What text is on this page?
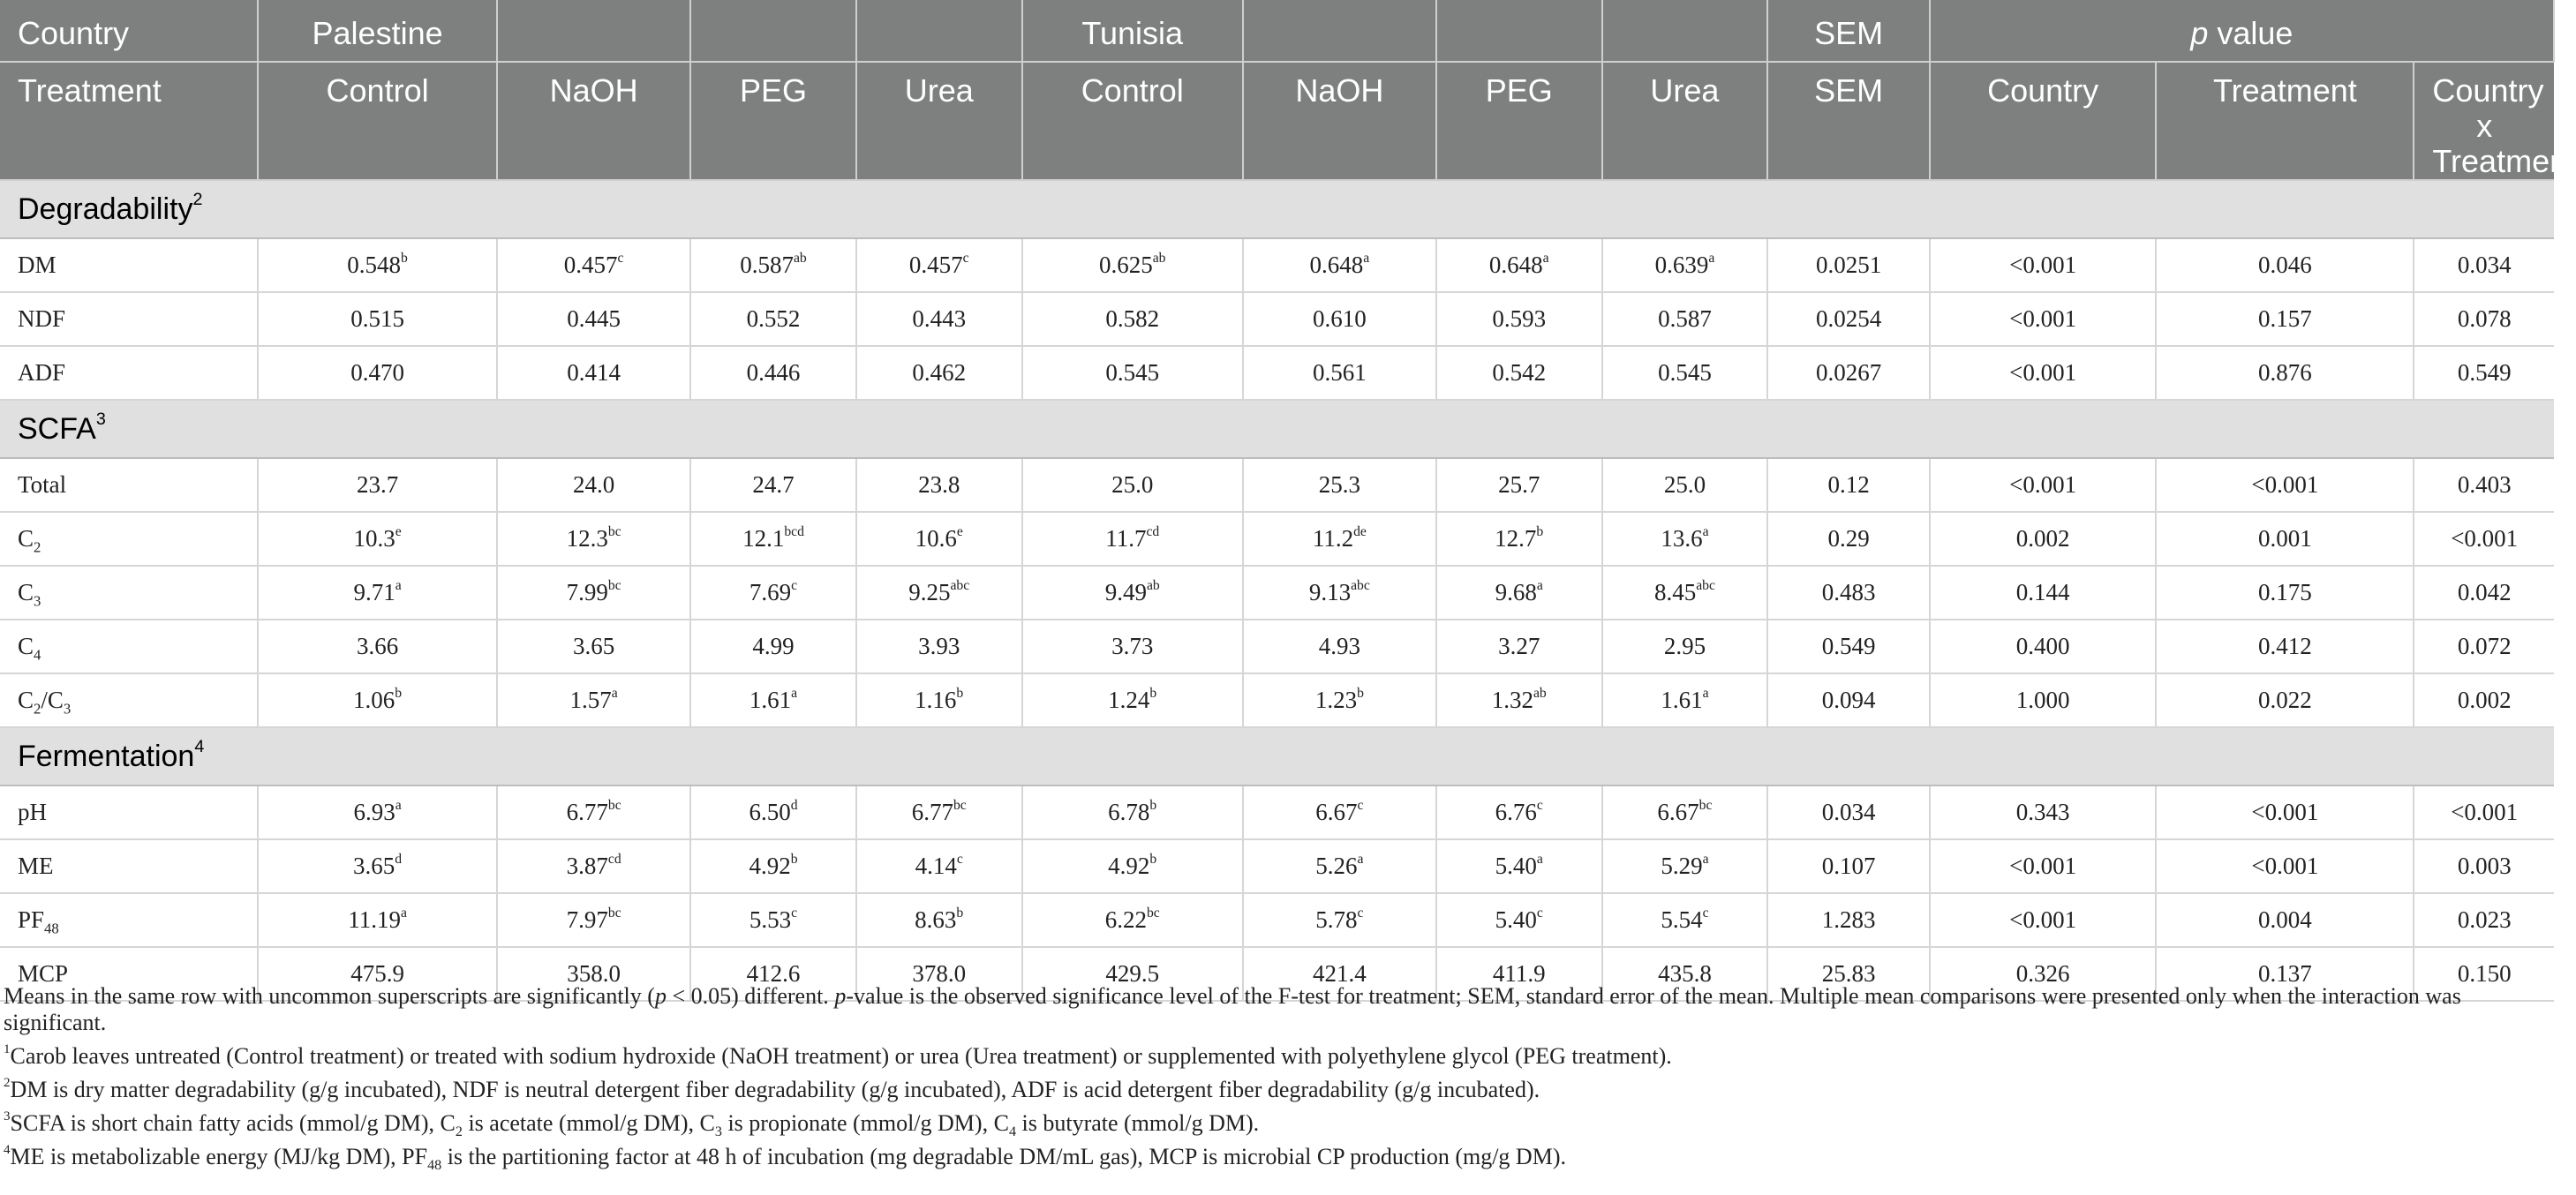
Country	Palestine				Tunisia				SEM	p value		
Treatment	Control	NaOH	PEG	Urea	Control	NaOH	PEG	Urea	SEM	Country	Treatment	Country x
Treatment
Degradability$^2$
DM	0.548$^b$	0.457$^c$	0.587$^{ab}$	0.457$^c$	0.625$^{ab}$	0.648$^a$	0.648$^a$	0.639$^a$	0.0251	<0.001	0.046	0.034
NDF	0.515	0.445	0.552	0.443	0.582	0.610	0.593	0.587	0.0254	<0.001	0.157	0.078
ADF	0.470	0.414	0.446	0.462	0.545	0.561	0.542	0.545	0.0267	<0.001	0.876	0.549
SCFA$^3$
Total	23.7	24.0	24.7	23.8	25.0	25.3	25.7	25.0	0.12	<0.001	<0.001	0.403
$C_2$	10.3e	12.3$^{bc}$	12.1$^{bcd}$	10.6e	11.7$^{cd}$	11.2de	12.7$^b$	13.6$^a$	0.29	0.002	0.001	<0.001
$C_3$	9.71$^a$	7.99$^{bc}$	7.69$^c$	9.25$^{abc}$	9.49$^{ab}$	9.13$^{abc}$	9.68$^a$	8.45$^{abc}$	0.483	0.144	0.175	0.042
$C_4$	3.66	3.65	4.99	3.93	3.73	4.93	3.27	2.95	0.549	0.400	0.412	0.072
$C_2/C_3$	1.06$^b$	1.57$^a$	1.61$^a$	1.16$^b$	1.24$^b$	1.23$^b$	1.32$^{ab}$	1.61$^a$	0.094	1.000	0.022	0.002
Fermentation$^4$
pH	6.93$^a$	6.77$^{bc}$	6.50$^d$	6.77$^{bc}$	6.78$^b$	6.67$^c$	6.76$^c$	6.67$^{bc}$	0.034	0.343	<0.001	<0.001
ME	3.65$^d$	3.87$^{cd}$	4.92$^b$	4.14$^c$	4.92$^b$	5.26$^a$	5.40$^a$	5.29$^a$	0.107	<0.001	<0.001	0.003
$PF_{48}$	11.19$^a$	7.97$^{bc}$	5.53$^c$	8.63$^b$	6.22$^{bc}$	5.78$^c$	5.40$^c$	5.54$^c$	1.283	<0.001	0.004	0.023
MCP	475.9	358.0	412.6	378.0	429.5	421.4	411.9	435.8	25.83	0.326	0.137	0.150

Means in the same row with uncommon superscripts are significantly (p < 0.05) different. p-value is the observed significance level of the F-test for treatment; SEM, standard error of the mean. Multiple mean comparisons were presented only when the interaction was significant.

$^1$Carob leaves untreated (Control treatment) or treated with sodium hydroxide (NaOH treatment) or urea (Urea treatment) or supplemented with polyethylene glycol (PEG treatment).

$^2$DM is dry matter degradability (g/g incubated), NDF is neutral detergent fiber degradability (g/g incubated), ADF is acid detergent fiber degradability (g/g incubated).

$^3$SCFA is short chain fatty acids (mmol/g DM), $C_2$ is acetate (mmol/g DM), $C_3$ is propionate (mmol/g DM), $C_4$ is butyrate (mmol/g DM).

$^4$ME is metabolizable energy (MJ/kg DM), $PF_{48}$ is the partitioning factor at 48 h of incubation (mg degradable DM/mL gas), MCP is microbial CP production (mg/g DM).
